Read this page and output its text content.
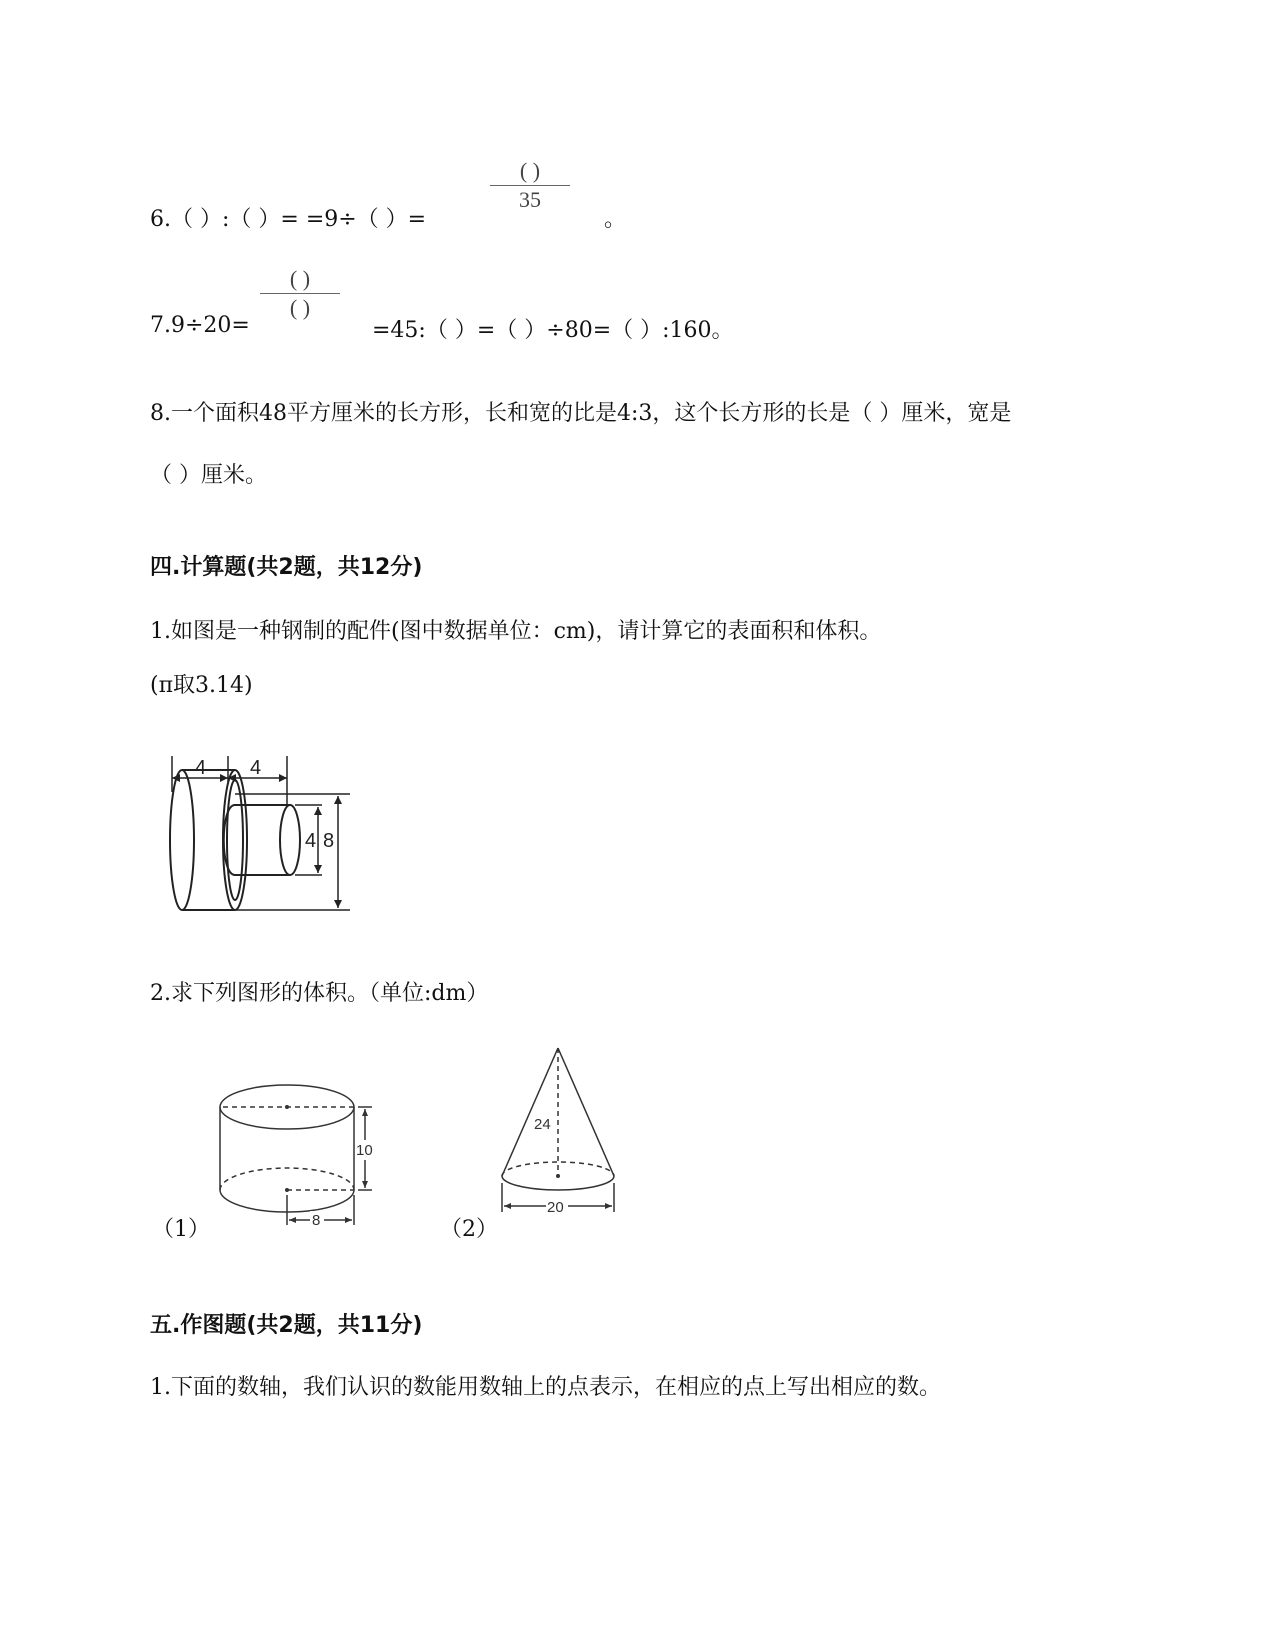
6.（ ）:（ ）= =9÷（ ）=
( )
35
。
7.9÷20=
( )
( )
=45:（ ）=（ ）÷80=（ ）:160。
8.一个面积48平方厘米的长方形，长和宽的比是4:3，这个长方形的长是（ ）厘米，宽是
（ ）厘米。
四.计算题(共2题，共12分)
1.如图是一种钢制的配件(图中数据单位：cm)，请计算它的表面积和体积。
(π取3.14)
4 4
4 8
2.求下列图形的体积。（单位:dm）
10
8
（1）
24
20
（2）
五.作图题(共2题，共11分)
1.下面的数轴，我们认识的数能用数轴上的点表示，在相应的点上写出相应的数。
